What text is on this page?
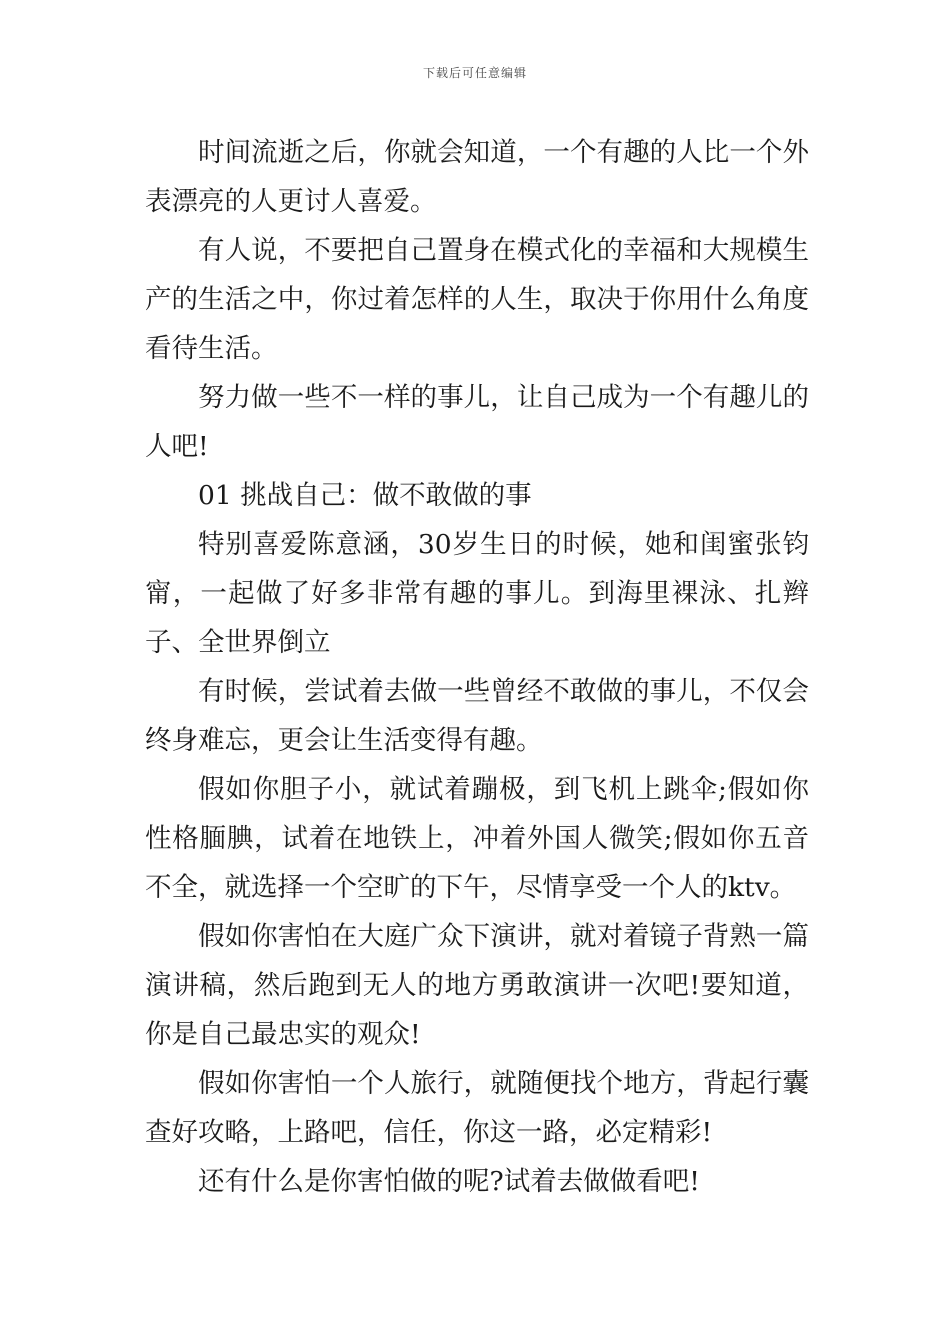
下载后可任意编辑

时间流逝之后，你就会知道，一个有趣的人比一个外表漂亮的人更讨人喜爱。

有人说，不要把自己置身在模式化的幸福和大规模生产的生活之中，你过着怎样的人生，取决于你用什么角度看待生活。

努力做一些不一样的事儿，让自己成为一个有趣儿的人吧!

01 挑战自己：做不敢做的事

特别喜爱陈意涵，30岁生日的时候，她和闺蜜张钧甯，一起做了好多非常有趣的事儿。到海里裸泳、扎辫子、全世界倒立

有时候，尝试着去做一些曾经不敢做的事儿，不仅会终身难忘，更会让生活变得有趣。

假如你胆子小，就试着蹦极，到飞机上跳伞;假如你性格腼腆，试着在地铁上，冲着外国人微笑;假如你五音不全，就选择一个空旷的下午，尽情享受一个人的ktv。

假如你害怕在大庭广众下演讲，就对着镜子背熟一篇演讲稿，然后跑到无人的地方勇敢演讲一次吧!要知道，你是自己最忠实的观众!

假如你害怕一个人旅行，就随便找个地方，背起行囊查好攻略，上路吧，信任，你这一路，必定精彩!

还有什么是你害怕做的呢?试着去做做看吧!
